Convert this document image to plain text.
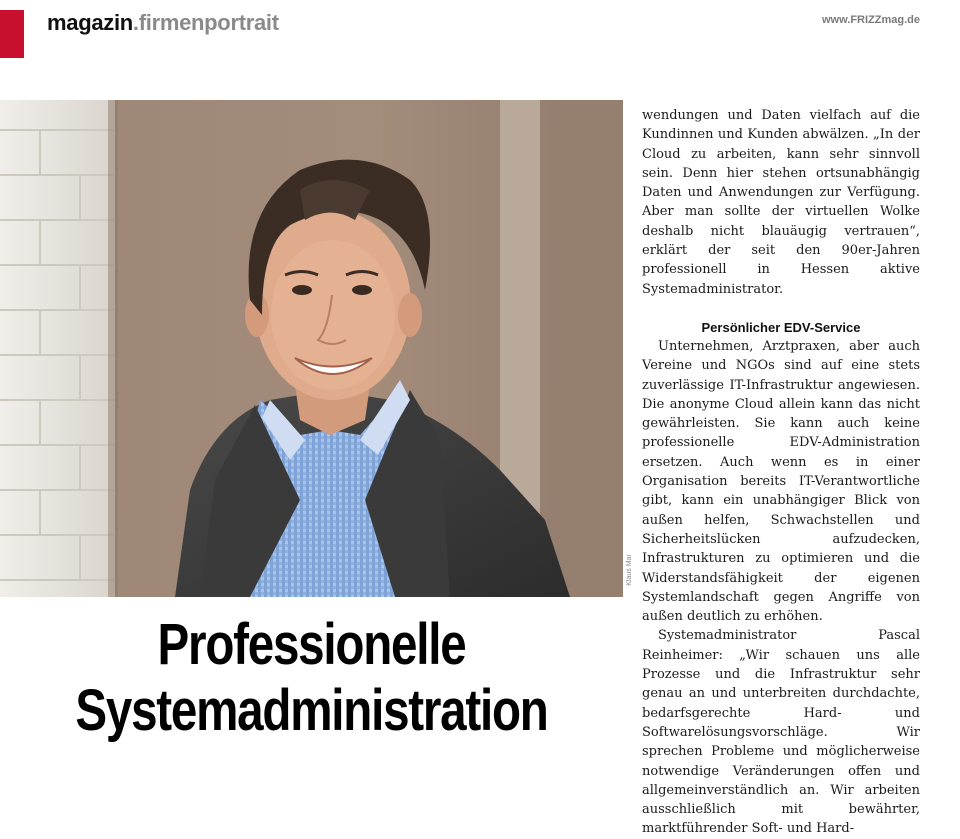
magazin.firmenportrait	www.FRIZZmag.de
Klaus Mai
Professionelle
Systemadministration

wendungen und Daten vielfach auf die Kundinnen und Kunden abwälzen. „In der Cloud zu arbeiten, kann sehr sinnvoll sein. Denn hier stehen ortsunabhängig Daten und Anwendungen zur Verfügung. Aber man sollte der virtuellen Wolke deshalb nicht blauäugig vertrauen“, erklärt der seit den 90er-Jahren professionell in Hessen aktive Systemadministrator.

Persönlicher EDV-Service

Unternehmen, Arztpraxen, aber auch Vereine und NGOs sind auf eine stets zuverlässige IT-Infrastruktur angewiesen. Die anonyme Cloud allein kann das nicht gewährleisten. Sie kann auch keine professionelle EDV-Administration ersetzen. Auch wenn es in einer Organisation bereits IT-Verantwortliche gibt, kann ein unabhängiger Blick von außen helfen, Schwachstellen und Sicherheitslücken aufzudecken, Infrastrukturen zu optimieren und die Widerstandsfähigkeit der eigenen Systemlandschaft gegen Angriffe von außen deutlich zu erhöhen.

Systemadministrator Pascal Reinheimer: „Wir schauen uns alle Prozesse und die Infrastruktur sehr genau an und unterbreiten durchdachte, bedarfsgerechte Hard- und Softwarelösungsvorschläge. Wir sprechen Probleme und möglicherweise notwendige Veränderungen offen und allgemeinverständlich an. Wir arbeiten ausschließlich mit bewährter, marktführender Soft- und Hard-
